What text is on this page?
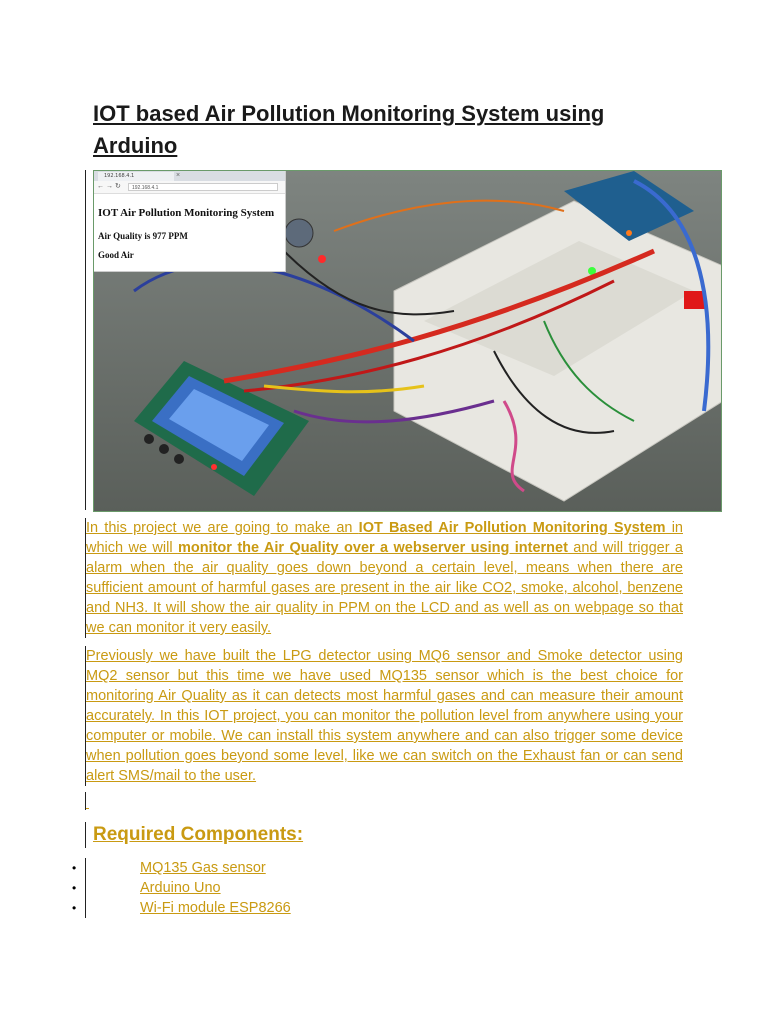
IOT based Air Pollution Monitoring System using Arduino
192.168.4.1	×
←→↻	192.168.4.1
IOT Air Pollution Monitoring System
Air Quality is 977 PPM
Good Air

In this project we are going to make an IOT Based Air Pollution Monitoring System in which we will monitor the Air Quality over a webserver using internet and will trigger a alarm when the air quality goes down beyond a certain level, means when there are sufficient amount of harmful gases are present in the air like CO2, smoke, alcohol, benzene and NH3. It will show the air quality in PPM on the LCD and as well as on webpage so that we can monitor it very easily.

Previously we have built the LPG detector using MQ6 sensor and Smoke detector using MQ2 sensor but this time we have used MQ135 sensor which is the best choice for monitoring Air Quality as it can detects most harmful gases and can measure their amount accurately. In this IOT project, you can monitor the pollution level from anywhere using your computer or mobile. We can install this system anywhere and can also trigger some device when pollution goes beyond some level, like we can switch on the Exhaust fan or can send alert SMS/mail to the user.

Required Components:
•	MQ135 Gas sensor
•	Arduino Uno
•	Wi-Fi module ESP8266
